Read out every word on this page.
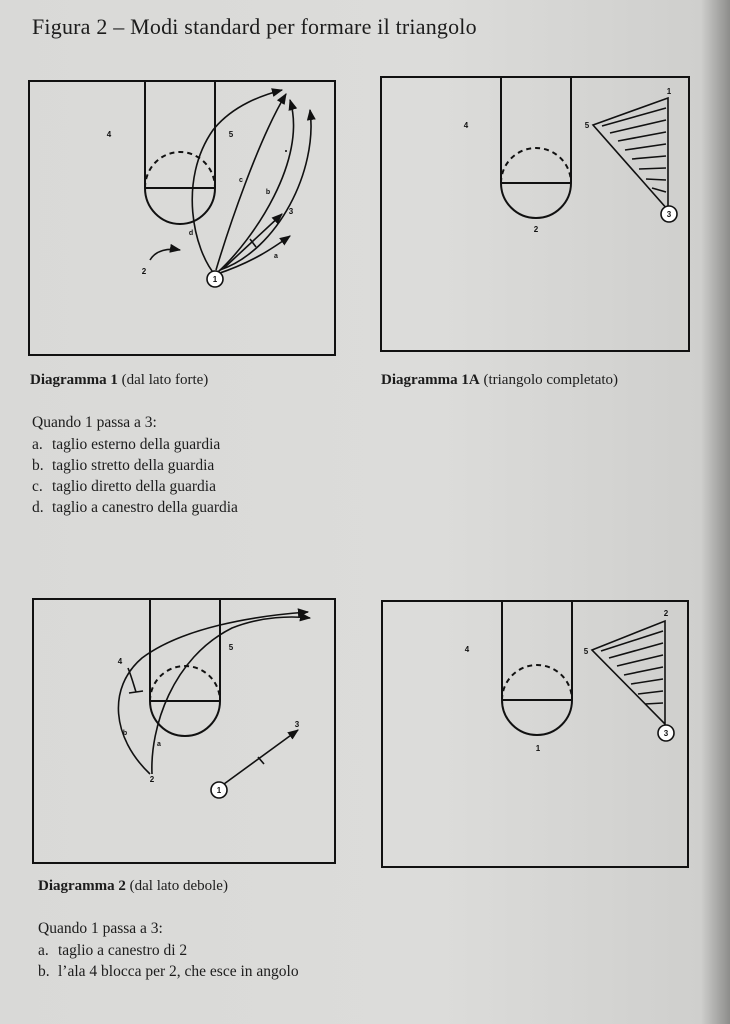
Figura 2 – Modi standard per formare il triangolo
1
2
3
4	5
a
b
c
d
Diagramma 1 (dal lato forte)
3
1
5
4
2
Diagramma 1A (triangolo completato)
Quando 1 passa a 3:
a. taglio esterno della guardia
b. taglio stretto della guardia
c. taglio diretto della guardia
d. taglio a canestro della guardia
1
2
3
4
5
a
b
Diagramma 2 (dal lato debole)
3
2
5
4
1
Quando 1 passa a 3:
a. taglio a canestro di 2
b. l’ala 4 blocca per 2, che esce in angolo
